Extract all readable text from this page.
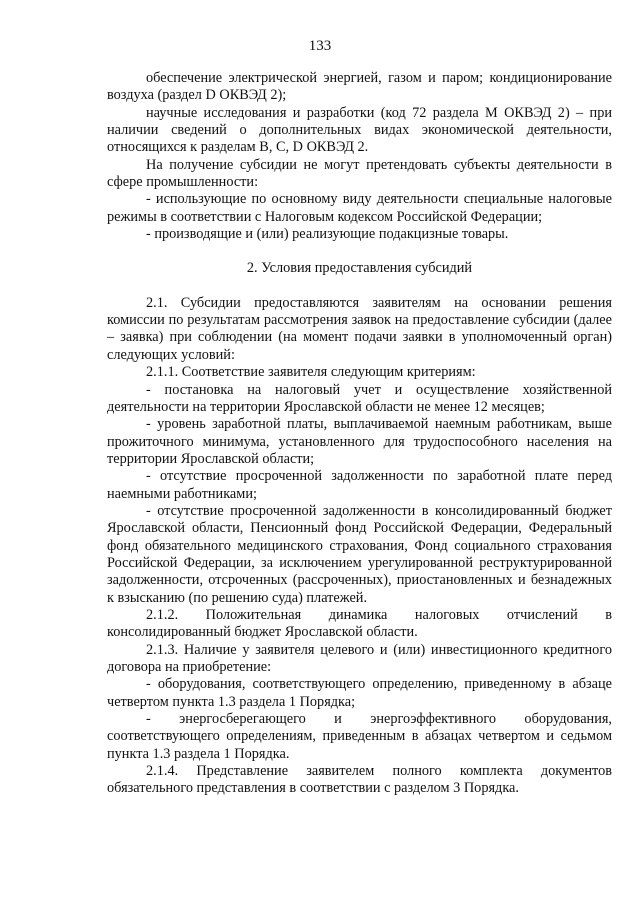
133

обеспечение электрической энергией, газом и паром; кондиционирование воздуха (раздел D ОКВЭД 2);

научные исследования и разработки (код 72 раздела M ОКВЭД 2) – при наличии сведений о дополнительных видах экономической деятельности, относящихся к разделам B, C, D ОКВЭД 2.

На получение субсидии не могут претендовать субъекты деятельности в сфере промышленности:

- использующие по основному виду деятельности специальные налоговые режимы в соответствии с Налоговым кодексом Российской Федерации;

- производящие и (или) реализующие подакцизные товары.

2. Условия предоставления субсидий

2.1. Субсидии предоставляются заявителям на основании решения комиссии по результатам рассмотрения заявок на предоставление субсидии (далее – заявка) при соблюдении (на момент подачи заявки в уполномоченный орган) следующих условий:

2.1.1. Соответствие заявителя следующим критериям:

- постановка на налоговый учет и осуществление хозяйственной деятельности на территории Ярославской области не менее 12 месяцев;

- уровень заработной платы, выплачиваемой наемным работникам, выше прожиточного минимума, установленного для трудоспособного населения на территории Ярославской области;

- отсутствие просроченной задолженности по заработной плате перед наемными работниками;

- отсутствие просроченной задолженности в консолидированный бюджет Ярославской области, Пенсионный фонд Российской Федерации, Федеральный фонд обязательного медицинского страхования, Фонд социального страхования Российской Федерации, за исключением урегулированной реструктурированной задолженности, отсроченных (рассроченных), приостановленных и безнадежных к взысканию (по решению суда) платежей.

2.1.2. Положительная динамика налоговых отчислений в консолидированный бюджет Ярославской области.

2.1.3. Наличие у заявителя целевого и (или) инвестиционного кредитного договора на приобретение:

- оборудования, соответствующего определению, приведенному в абзаце четвертом пункта 1.3 раздела 1 Порядка;

- энергосберегающего и энергоэффективного оборудования, соответствующего определениям, приведенным в абзацах четвертом и седьмом пункта 1.3 раздела 1 Порядка.

2.1.4. Представление заявителем полного комплекта документов обязательного представления в соответствии с разделом 3 Порядка.
